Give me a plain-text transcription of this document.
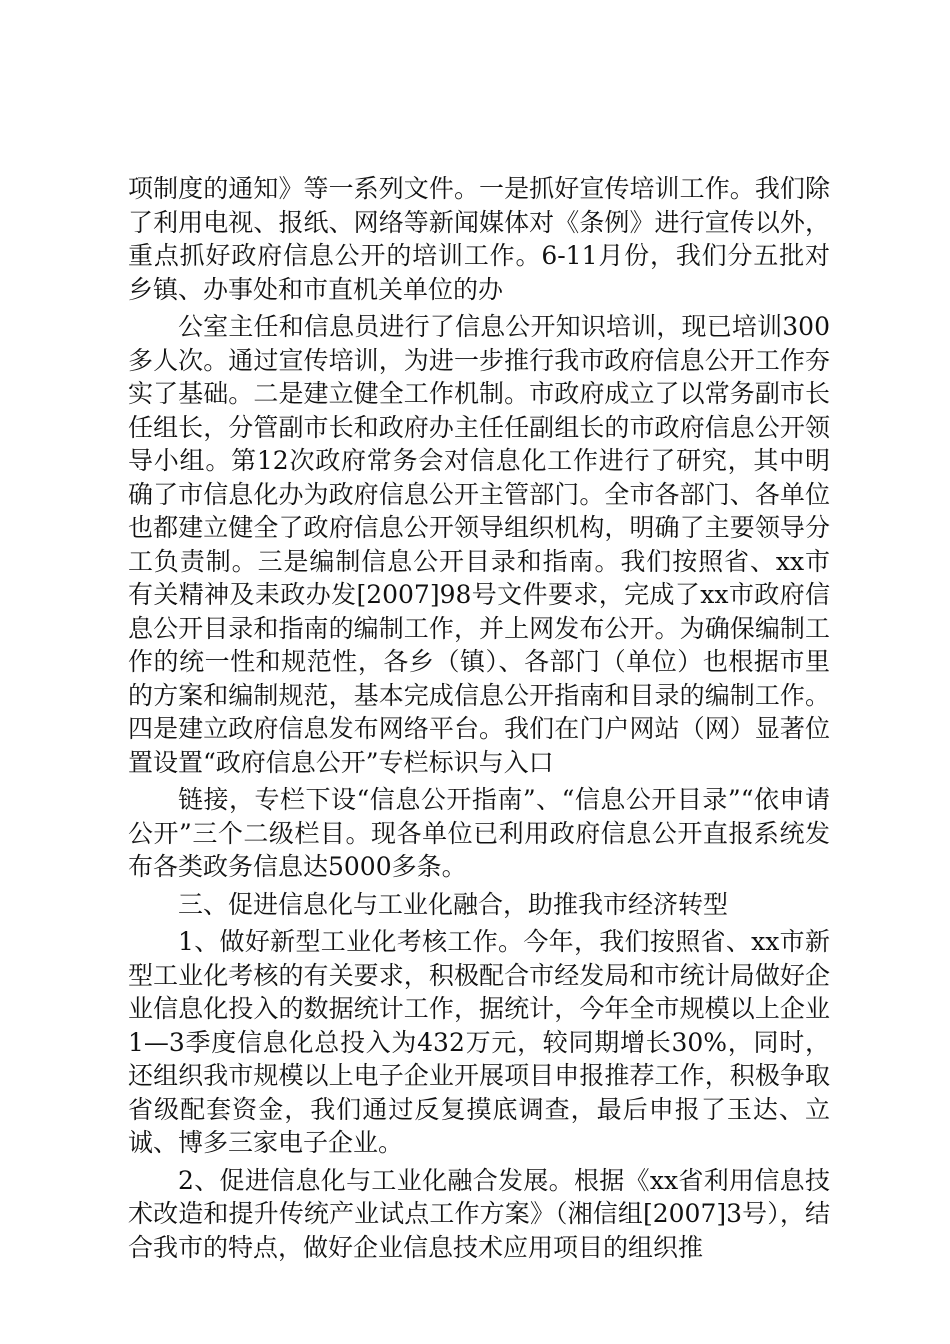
项制度的通知》等一系列文件。一是抓好宣传培训工作。我们除了利用电视、报纸、网络等新闻媒体对《条例》进行宣传以外，重点抓好政府信息公开的培训工作。6-11月份，我们分五批对乡镇、办事处和市直机关单位的办

公室主任和信息员进行了信息公开知识培训，现已培训300多人次。通过宣传培训，为进一步推行我市政府信息公开工作夯实了基础。二是建立健全工作机制。市政府成立了以常务副市长任组长，分管副市长和政府办主任任副组长的市政府信息公开领导小组。第12次政府常务会对信息化工作进行了研究，其中明确了市信息化办为政府信息公开主管部门。全市各部门、各单位也都建立健全了政府信息公开领导组织机构，明确了主要领导分工负责制。三是编制信息公开目录和指南。我们按照省、xx市有关精神及耒政办发[2007]98号文件要求，完成了xx市政府信息公开目录和指南的编制工作，并上网发布公开。为确保编制工作的统一性和规范性，各乡（镇）、各部门（单位）也根据市里的方案和编制规范，基本完成信息公开指南和目录的编制工作。四是建立政府信息发布网络平台。我们在门户网站（网）显著位置设置“政府信息公开”专栏标识与入口

链接，专栏下设“信息公开指南”、“信息公开目录”“依申请公开”三个二级栏目。现各单位已利用政府信息公开直报系统发布各类政务信息达5000多条。

三、促进信息化与工业化融合，助推我市经济转型

1、做好新型工业化考核工作。今年，我们按照省、xx市新型工业化考核的有关要求，积极配合市经发局和市统计局做好企业信息化投入的数据统计工作，据统计，今年全市规模以上企业1—3季度信息化总投入为432万元，较同期增长30%，同时，还组织我市规模以上电子企业开展项目申报推荐工作，积极争取省级配套资金，我们通过反复摸底调查，最后申报了玉达、立诚、博多三家电子企业。

2、促进信息化与工业化融合发展。根据《xx省利用信息技术改造和提升传统产业试点工作方案》（湘信组[2007]3号），结合我市的特点，做好企业信息技术应用项目的组织推
